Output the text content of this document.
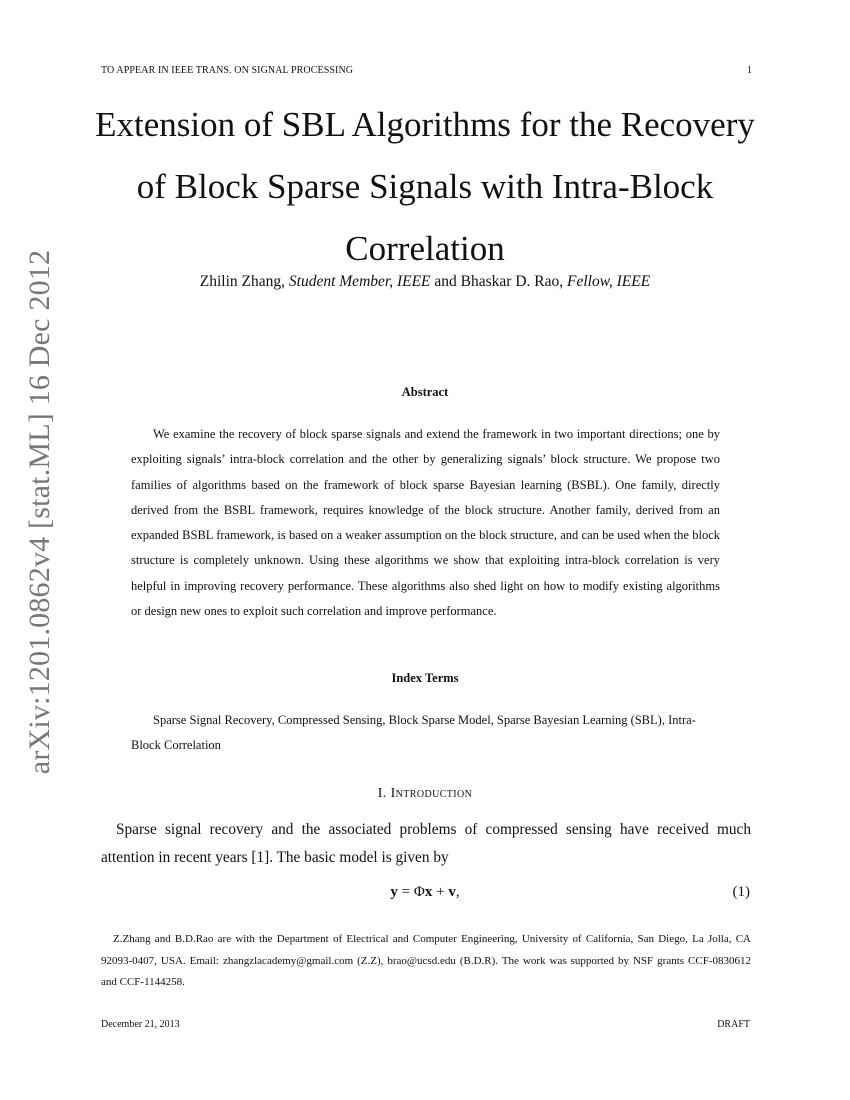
TO APPEAR IN IEEE TRANS. ON SIGNAL PROCESSING	1
arXiv:1201.0862v4 [stat.ML] 16 Dec 2012
Extension of SBL Algorithms for the Recovery of Block Sparse Signals with Intra-Block Correlation
Zhilin Zhang, Student Member, IEEE and Bhaskar D. Rao, Fellow, IEEE
Abstract

We examine the recovery of block sparse signals and extend the framework in two important directions; one by exploiting signals’ intra-block correlation and the other by generalizing signals’ block structure. We propose two families of algorithms based on the framework of block sparse Bayesian learning (BSBL). One family, directly derived from the BSBL framework, requires knowledge of the block structure. Another family, derived from an expanded BSBL framework, is based on a weaker assumption on the block structure, and can be used when the block structure is completely unknown. Using these algorithms we show that exploiting intra-block correlation is very helpful in improving recovery performance. These algorithms also shed light on how to modify existing algorithms or design new ones to exploit such correlation and improve performance.

Index Terms

Sparse Signal Recovery, Compressed Sensing, Block Sparse Model, Sparse Bayesian Learning (SBL), Intra-Block Correlation

I. Introduction

Sparse signal recovery and the associated problems of compressed sensing have received much attention in recent years [1]. The basic model is given by

y = Φx + v,	(1)

Z.Zhang and B.D.Rao are with the Department of Electrical and Computer Engineering, University of California, San Diego, La Jolla, CA 92093-0407, USA. Email: zhangzlacademy@gmail.com (Z.Z), brao@ucsd.edu (B.D.R). The work was supported by NSF grants CCF-0830612 and CCF-1144258.

December 21, 2013	DRAFT
